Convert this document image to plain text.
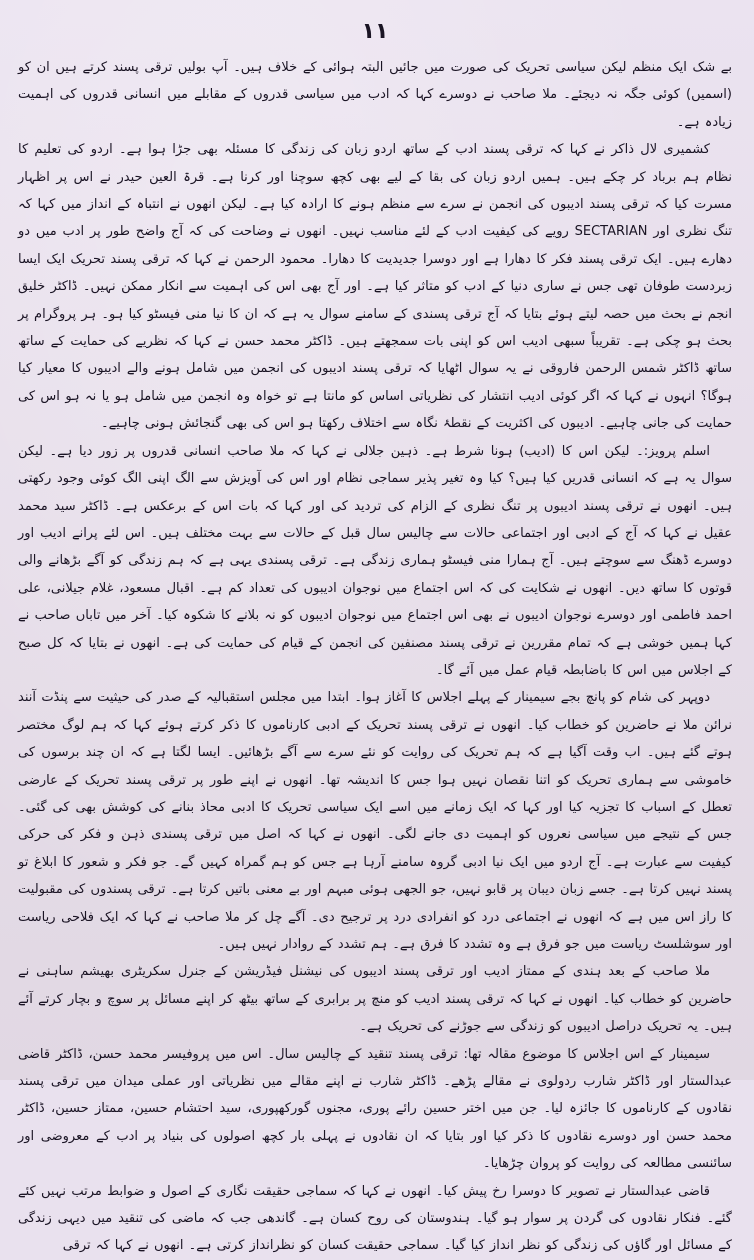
١١

بے شک ایک منظم لیکن سیاسی تحریک کی صورت میں جائیں البتہ ہوائی کے خلاف ہیں۔ آپ بولیں ترقی پسند کرتے ہیں ان کو (اسمیں) کوئی جگہ نہ دیجئے۔ ملا صاحب نے دوسرے کہا کہ ادب میں سیاسی قدروں کے مقابلے میں انسانی قدروں کی اہمیت زیادہ ہے۔

کشمیری لال ذاکر نے کہا کہ ترقی پسند ادب کے ساتھ اردو زبان کی زندگی کا مسئلہ بھی جڑا ہوا ہے۔ اردو کی تعلیم کا نظام ہم برباد کر چکے ہیں۔ ہمیں اردو زبان کی بقا کے لیے بھی کچھ سوچنا اور کرنا ہے۔ قرۃ العین حیدر نے اس پر اظہار مسرت کیا کہ ترقی پسند ادیبوں کی انجمن نے سرے سے منظم ہونے کا ارادہ کیا ہے۔ لیکن انھوں نے انتباہ کے انداز میں کہا کہ تنگ نظری اور SECTARIAN رویے کی کیفیت ادب کے لئے مناسب نہیں۔ انھوں نے وضاحت کی کہ آج واضح طور پر ادب میں دو دھارے ہیں۔ ایک ترقی پسند فکر کا دھارا ہے اور دوسرا جدیدیت کا دھارا۔ محمود الرحمن نے کہا کہ ترقی پسند تحریک ایک ایسا زبردست طوفان تھی جس نے ساری دنیا کے ادب کو متاثر کیا ہے۔ اور آج بھی اس کی اہمیت سے انکار ممکن نہیں۔ ڈاکٹر خلیق انجم نے بحث میں حصہ لیتے ہوئے بتایا کہ آج ترقی پسندی کے سامنے سوال یہ ہے کہ ان کا نیا منی فیسٹو کیا ہو۔ ہر پروگرام پر بحث ہو چکی ہے۔ تقریباً سبھی ادیب اس کو اپنی بات سمجھتے ہیں۔ ڈاکٹر محمد حسن نے کہا کہ نظریے کی حمایت کے ساتھ ساتھ ڈاکٹر شمس الرحمن فاروقی نے یہ سوال اٹھایا کہ ترقی پسند ادیبوں کی انجمن میں شامل ہونے والے ادیبوں کا معیار کیا ہوگا؟ انہوں نے کہا کہ اگر کوئی ادیب انتشار کی نظریاتی اساس کو مانتا ہے تو خواہ وہ انجمن میں شامل ہو یا نہ ہو اس کی حمایت کی جانی چاہیے۔ ادیبوں کی اکثریت کے نقطۂ نگاہ سے اختلاف رکھتا ہو اس کی بھی گنجائش ہونی چاہیے۔

اسلم پرویز:۔ لیکن اس کا (ادیب) ہونا شرط ہے۔ ذہین جلالی نے کہا کہ ملا صاحب انسانی قدروں پر زور دیا ہے۔ لیکن سوال یہ ہے کہ انسانی قدریں کیا ہیں؟ کیا وہ تغیر پذیر سماجی نظام اور اس کی آویزش سے الگ اپنی الگ کوئی وجود رکھتی ہیں۔ انھوں نے ترقی پسند ادیبوں پر تنگ نظری کے الزام کی تردید کی اور کہا کہ بات اس کے برعکس ہے۔ ڈاکٹر سید محمد عقیل نے کہا کہ آج کے ادبی اور اجتماعی حالات سے چالیس سال قبل کے حالات سے بہت مختلف ہیں۔ اس لئے پرانے ادیب اور دوسرے ڈھنگ سے سوچتے ہیں۔ آج ہمارا منی فیسٹو ہماری زندگی ہے۔ ترقی پسندی یہی ہے کہ ہم زندگی کو آگے بڑھانے والی قوتوں کا ساتھ دیں۔ انھوں نے شکایت کی کہ اس اجتماع میں نوجوان ادیبوں کی تعداد کم ہے۔ اقبال مسعود، غلام جیلانی، علی احمد فاطمی اور دوسرے نوجوان ادیبوں نے بھی اس اجتماع میں نوجوان ادیبوں کو نہ بلانے کا شکوہ کیا۔ آخر میں تاباں صاحب نے کہا ہمیں خوشی ہے کہ تمام مقررین نے ترقی پسند مصنفین کی انجمن کے قیام کی حمایت کی ہے۔ انھوں نے بتایا کہ کل صبح کے اجلاس میں اس کا باضابطہ قیام عمل میں آئے گا۔

دوپہر کی شام کو پانچ بجے سیمینار کے پہلے اجلاس کا آغاز ہوا۔ ابتدا میں مجلس استقبالیہ کے صدر کی حیثیت سے پنڈت آنند نرائن ملا نے حاضرین کو خطاب کیا۔ انھوں نے ترقی پسند تحریک کے ادبی کارناموں کا ذکر کرتے ہوئے کہا کہ ہم لوگ مختصر ہوتے گئے ہیں۔ اب وقت آگیا ہے کہ ہم تحریک کی روایت کو نئے سرے سے آگے بڑھائیں۔ ایسا لگتا ہے کہ ان چند برسوں کی خاموشی سے ہماری تحریک کو اتنا نقصان نہیں ہوا جس کا اندیشہ تھا۔ انھوں نے اپنے طور پر ترقی پسند تحریک کے عارضی تعطل کے اسباب کا تجزیہ کیا اور کہا کہ ایک زمانے میں اسے ایک سیاسی تحریک کا ادبی محاذ بنانے کی کوشش بھی کی گئی۔ جس کے نتیجے میں سیاسی نعروں کو اہمیت دی جانے لگی۔ انھوں نے کہا کہ اصل میں ترقی پسندی ذہن و فکر کی حرکی کیفیت سے عبارت ہے۔ آج اردو میں ایک نیا ادبی گروہ سامنے آرہا ہے جس کو ہم گمراہ کہیں گے۔ جو فکر و شعور کا ابلاغ تو پسند نہیں کرتا ہے۔ جسے زبان دیبان پر قابو نہیں، جو الجھی ہوئی مبہم اور بے معنی باتیں کرتا ہے۔ ترقی پسندوں کی مقبولیت کا راز اس میں ہے کہ انھوں نے اجتماعی درد کو انفرادی درد پر ترجیح دی۔ آگے چل کر ملا صاحب نے کہا کہ ایک فلاحی ریاست اور سوشلسٹ ریاست میں جو فرق ہے وہ تشدد کا فرق ہے۔ ہم تشدد کے روادار نہیں ہیں۔

ملا صاحب کے بعد ہندی کے ممتاز ادیب اور ترقی پسند ادیبوں کی نیشنل فیڈریشن کے جنرل سکریٹری بھیشم ساہنی نے حاضرین کو خطاب کیا۔ انھوں نے کہا کہ ترقی پسند ادیب کو منچ پر برابری کے ساتھ بیٹھ کر اپنے مسائل پر سوچ و بچار کرتے آئے ہیں۔ یہ تحریک دراصل ادیبوں کو زندگی سے جوڑنے کی تحریک ہے۔

سیمینار کے اس اجلاس کا موضوع مقالہ تھا: ترقی پسند تنقید کے چالیس سال۔ اس میں پروفیسر محمد حسن، ڈاکٹر قاضی عبدالستار اور ڈاکٹر شارب ردولوی نے مقالے پڑھے۔ ڈاکٹر شارب نے اپنے مقالے میں نظریاتی اور عملی میدان میں ترقی پسند نقادوں کے کارناموں کا جائزہ لیا۔ جن میں اختر حسین رائے پوری، مجنوں گورکھپوری، سید احتشام حسین، ممتاز حسین، ڈاکٹر محمد حسن اور دوسرے نقادوں کا ذکر کیا اور بتایا کہ ان نقادوں نے پہلی بار کچھ اصولوں کی بنیاد پر ادب کے معروضی اور سائنسی مطالعہ کی روایت کو پروان چڑھایا۔

قاضی عبدالستار نے تصویر کا دوسرا رخ پیش کیا۔ انھوں نے کہا کہ سماجی حقیقت نگاری کے اصول و ضوابط مرتب نہیں کئے گئے۔ فنکار نقادوں کی گردن پر سوار ہو گیا۔ ہندوستان کی روح کسان ہے۔ گاندھی جب کہ ماضی کی تنقید میں دیہی زندگی کے مسائل اور گاؤں کی زندگی کو نظر انداز کیا گیا۔ سماجی حقیقت کسان کو نظرانداز کرتی ہے۔ انھوں نے کہا کہ ترقی
